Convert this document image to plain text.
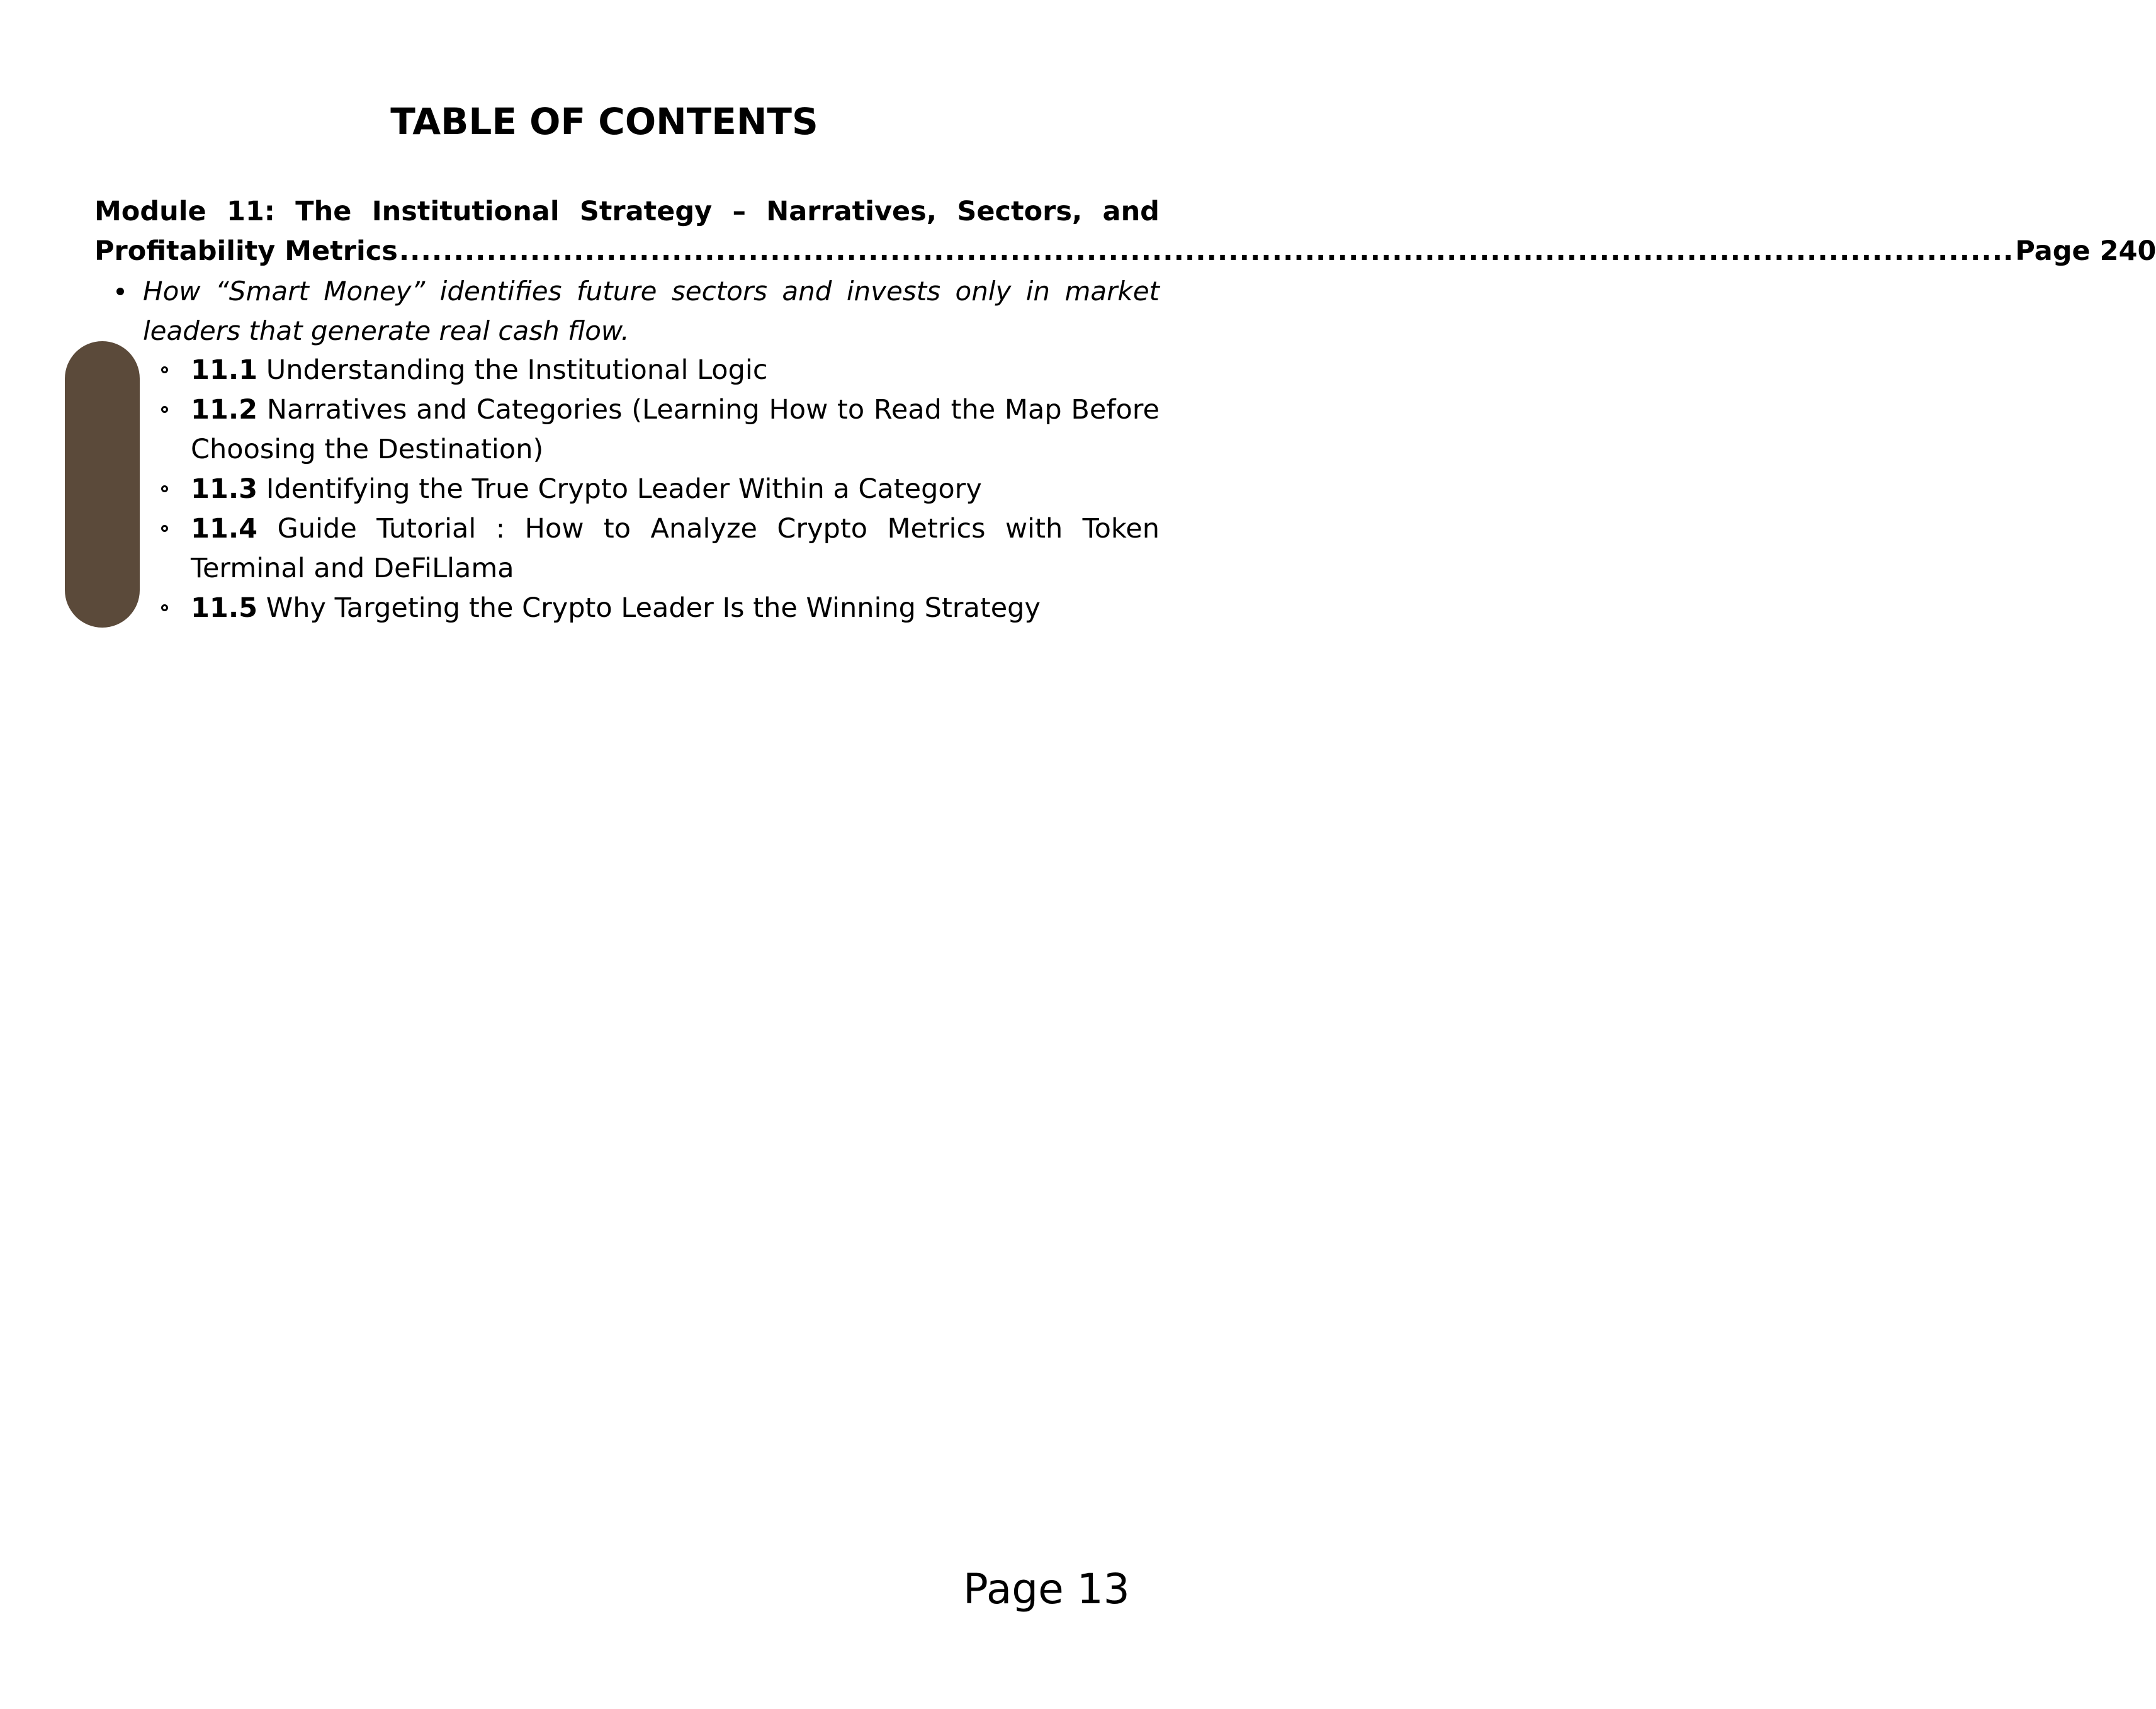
TABLE OF CONTENTS
Module 11: The Institutional Strategy – Narratives, Sectors, and
Profitability Metrics .................................................................................................................................................... Page 240
How “Smart Money” identifies future sectors and invests only in market leaders that generate real cash flow.
11.1 Understanding the Institutional Logic
11.2 Narratives and Categories (Learning How to Read the Map Before Choosing the Destination)
11.3 Identifying the True Crypto Leader Within a Category
11.4 Guide Tutorial : How to Analyze Crypto Metrics with Token Terminal and DeFiLlama
11.5 Why Targeting the Crypto Leader Is the Winning Strategy
Page 13
